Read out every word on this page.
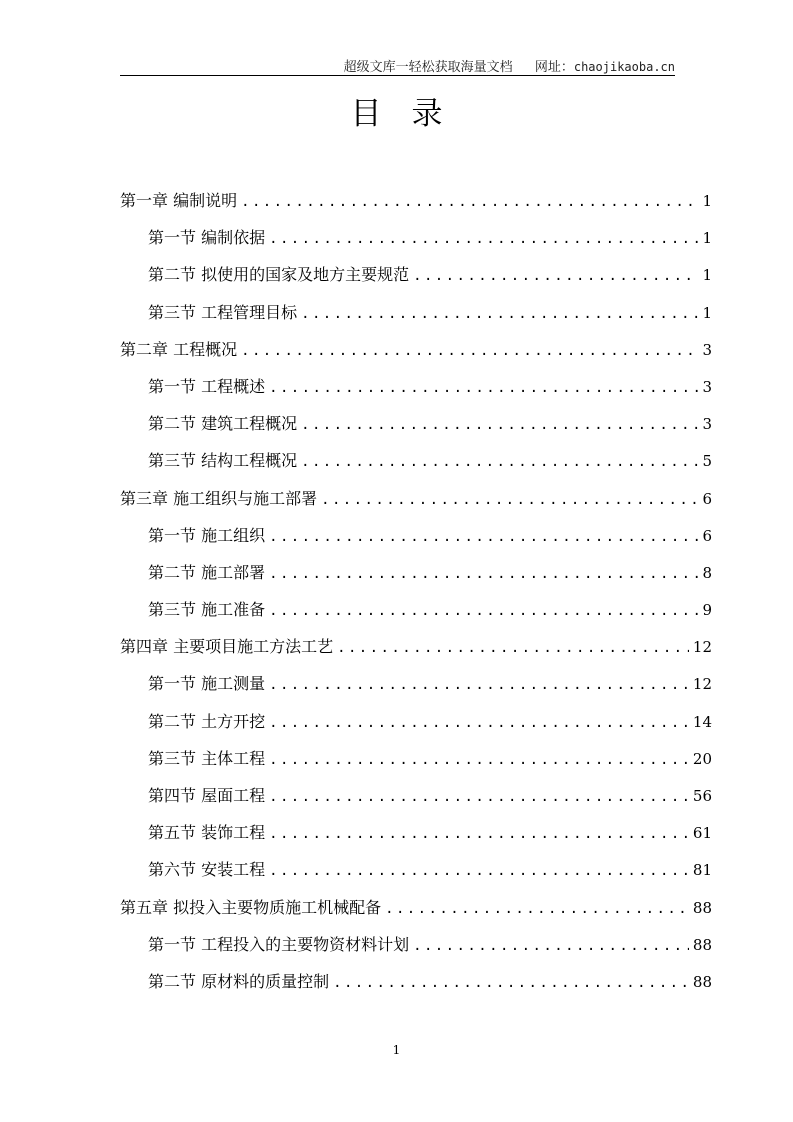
超级文库一轻松获取海量文档 网址：chaojikaoba.cn
目录
第一章 编制说明 . . .	1
第一节 编制依据 . . .	1
第二节 拟使用的国家及地方主要规范 . . .	1
第三节 工程管理目标 . . .	1
第二章 工程概况 . . .	3
第一节 工程概述 . . .	3
第二节 建筑工程概况 . . .	3
第三节 结构工程概况 . . .	5
第三章 施工组织与施工部署 . . .	6
第一节 施工组织 . . .	6
第二节 施工部署 . . .	8
第三节 施工准备 . . .	9
第四章 主要项目施工方法工艺 . . .	12
第一节 施工测量 . . .	12
第二节 土方开挖 . . .	14
第三节 主体工程 . . .	20
第四节 屋面工程 . . .	56
第五节 装饰工程 . . .	61
第六节 安装工程 . . .	81
第五章 拟投入主要物质施工机械配备 . . .	88
第一节 工程投入的主要物资材料计划 . . .	88
第二节 原材料的质量控制 . . .	88
1
